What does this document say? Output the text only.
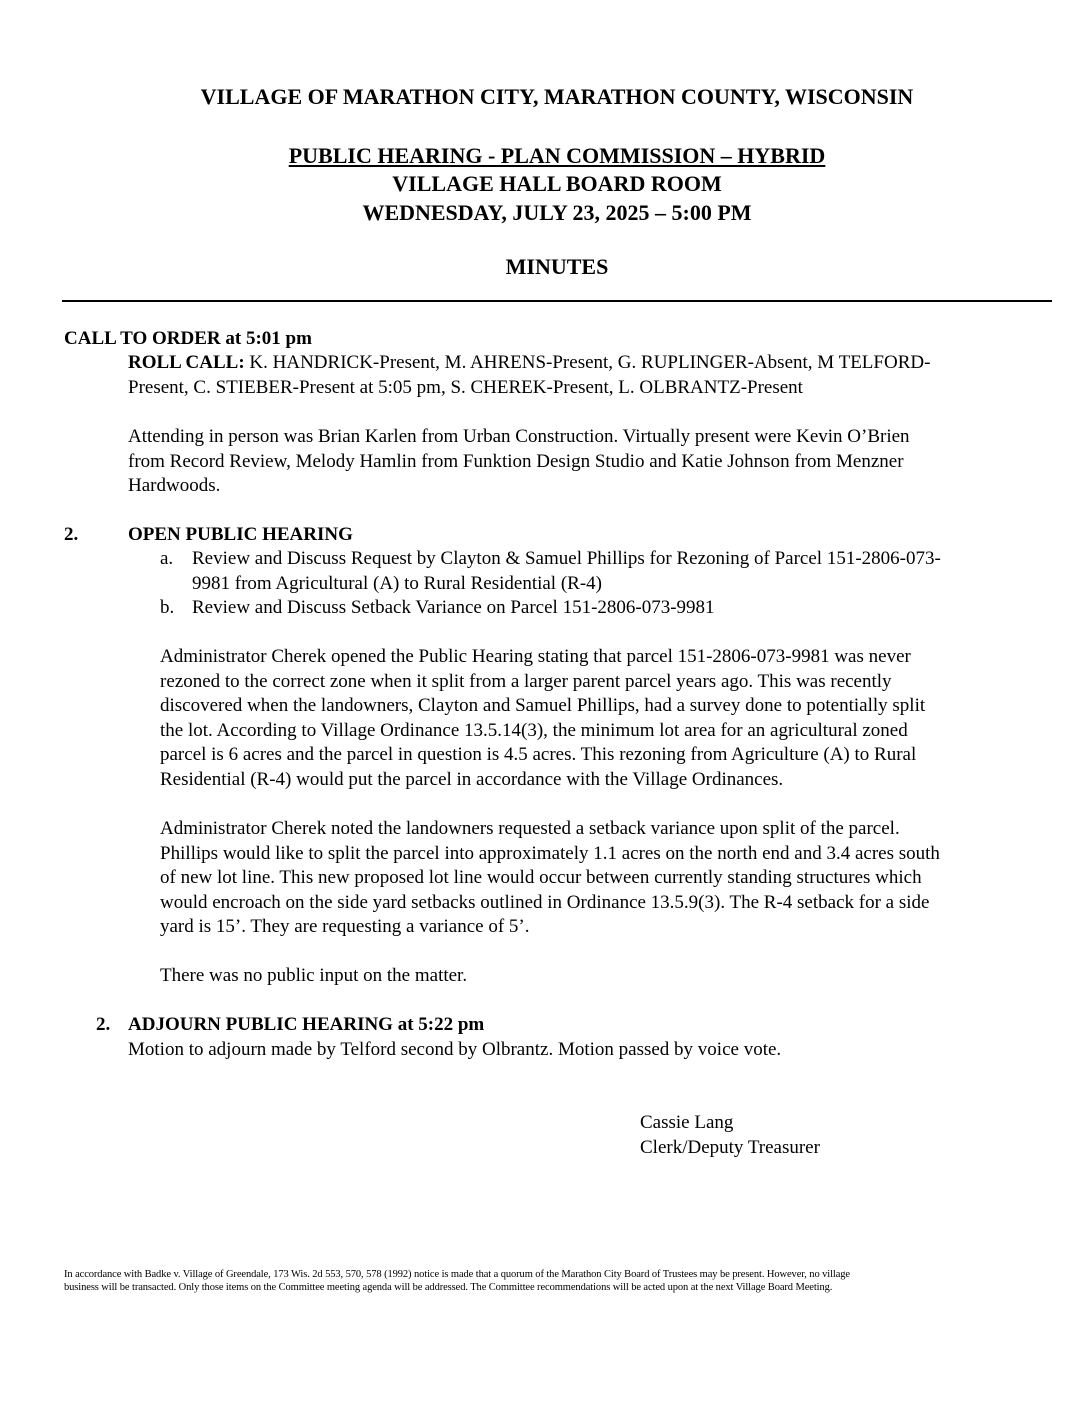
VILLAGE OF MARATHON CITY, MARATHON COUNTY, WISCONSIN
PUBLIC HEARING - PLAN COMMISSION – HYBRID
VILLAGE HALL BOARD ROOM
WEDNESDAY, JULY 23, 2025 – 5:00 PM
MINUTES
CALL TO ORDER at 5:01 pm
ROLL CALL: K. HANDRICK-Present, M. AHRENS-Present, G. RUPLINGER-Absent, M TELFORD-
Present, C. STIEBER-Present at 5:05 pm, S. CHEREK-Present, L. OLBRANTZ-Present
Attending in person was Brian Karlen from Urban Construction. Virtually present were Kevin O’Brien
from Record Review, Melody Hamlin from Funktion Design Studio and Katie Johnson from Menzner
Hardwoods.
2.	OPEN PUBLIC HEARING
a. Review and Discuss Request by Clayton & Samuel Phillips for Rezoning of Parcel 151-2806-073-
9981 from Agricultural (A) to Rural Residential (R-4)
b. Review and Discuss Setback Variance on Parcel 151-2806-073-9981
Administrator Cherek opened the Public Hearing stating that parcel 151-2806-073-9981 was never
rezoned to the correct zone when it split from a larger parent parcel years ago. This was recently
discovered when the landowners, Clayton and Samuel Phillips, had a survey done to potentially split
the lot. According to Village Ordinance 13.5.14(3), the minimum lot area for an agricultural zoned
parcel is 6 acres and the parcel in question is 4.5 acres. This rezoning from Agriculture (A) to Rural
Residential (R-4) would put the parcel in accordance with the Village Ordinances.
Administrator Cherek noted the landowners requested a setback variance upon split of the parcel.
Phillips would like to split the parcel into approximately 1.1 acres on the north end and 3.4 acres south
of new lot line. This new proposed lot line would occur between currently standing structures which
would encroach on the side yard setbacks outlined in Ordinance 13.5.9(3). The R-4 setback for a side
yard is 15’. They are requesting a variance of 5’.
There was no public input on the matter.
2. ADJOURN PUBLIC HEARING at 5:22 pm
Motion to adjourn made by Telford second by Olbrantz. Motion passed by voice vote.
Cassie Lang
Clerk/Deputy Treasurer
In accordance with Badke v. Village of Greendale, 173 Wis. 2d 553, 570, 578 (1992) notice is made that a quorum of the Marathon City Board of Trustees may be present. However, no village
business will be transacted. Only those items on the Committee meeting agenda will be addressed. The Committee recommendations will be acted upon at the next Village Board Meeting.
